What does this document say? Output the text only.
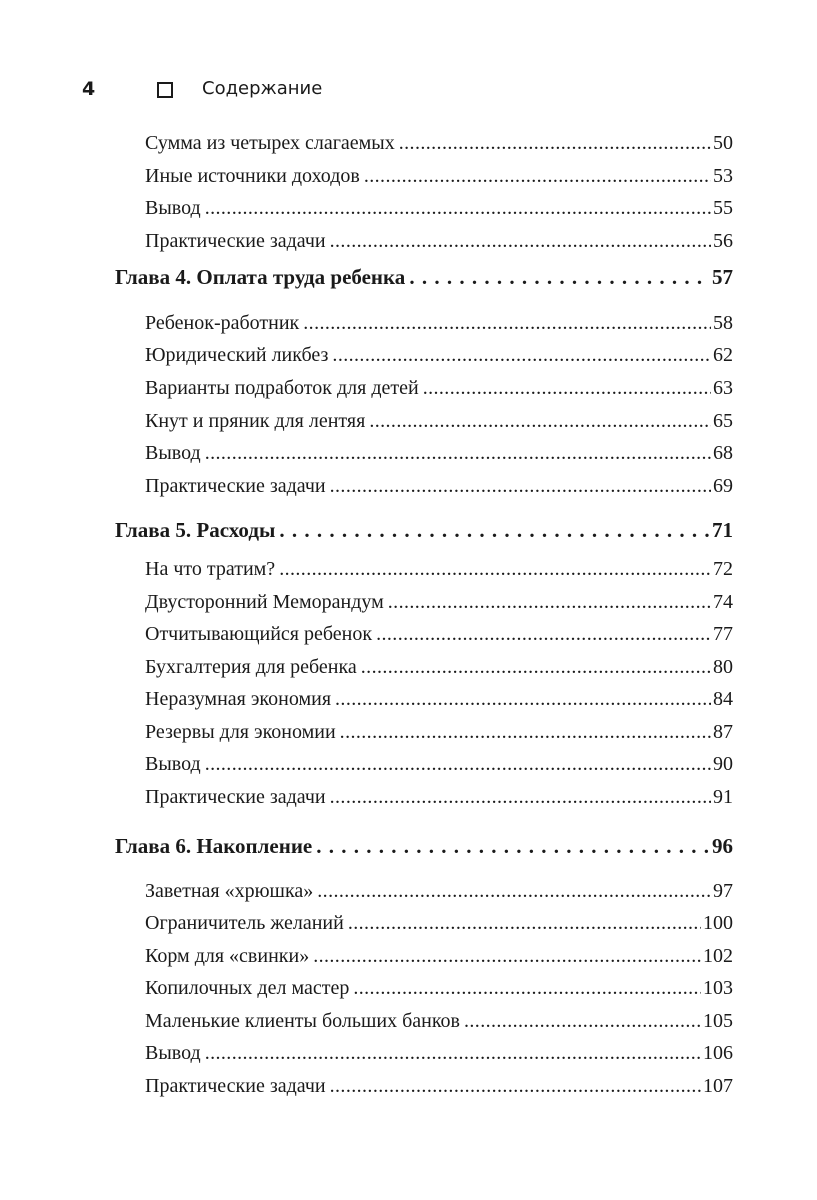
4	Содержание
Сумма из четырех слагаемых . . .	50
Иные источники доходов . . .	53
Вывод . . .	55
Практические задачи . . .	56
Глава 4. Оплата труда ребенка . . .	57
Ребенок-работник . . .	58
Юридический ликбез . . .	62
Варианты подработок для детей . . .	63
Кнут и пряник для лентяя . . .	65
Вывод . . .	68
Практические задачи . . .	69
Глава 5. Расходы . . .	71
На что тратим? . . .	72
Двусторонний Меморандум . . .	74
Отчитывающийся ребенок . . .	77
Бухгалтерия для ребенка . . .	80
Неразумная экономия . . .	84
Резервы для экономии . . .	87
Вывод . . .	90
Практические задачи . . .	91
Глава 6. Накопление . . .	96
Заветная «хрюшка» . . .	97
Ограничитель желаний . . .	100
Корм для «свинки» . . .	102
Копилочных дел мастер . . .	103
Маленькие клиенты больших банков . . .	105
Вывод . . .	106
Практические задачи . . .	107
